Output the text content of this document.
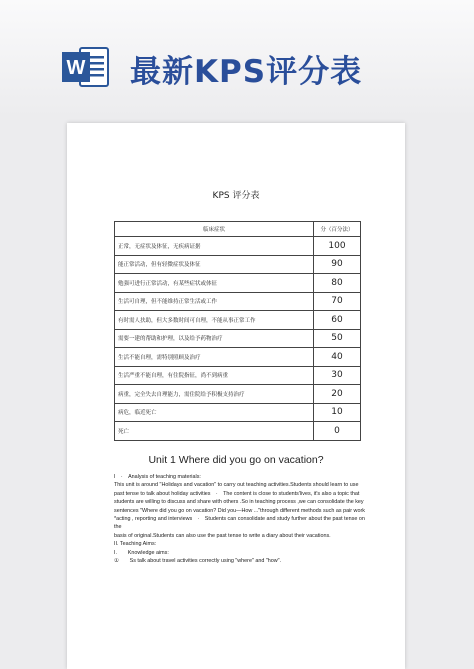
W 最新KPS评分表
KPS 评分表
临床症状	分（百分法）
正常，无症状及体征，无疾病证据	100
能正常活动，但有轻微症状及体征	90
勉强可进行正常活动，有某些症状或体征	80
生活可自理，但不能维持正常生活或工作	70
有时需人扶助，但大多数时间可自理，不能从事正常工作	60
需要一建的帮助和护理，以及给予药物治疗	50
生活不能自理，需特别照顾及治疗	40
生活严重不能自理，有住院指征，尚不到病重	30
病重，完全失去自理能力，需住院给予积极支持治疗	20
病危，临近死亡	10
死亡	0
Unit 1 Where did you go on vacation?

I　·　Analysis of teaching materials:

This unit is around "Holidays and vacation" to carry out teaching activities.Students should learn to use

past tense to talk about holiday activities　·　The content is close to students'lives, it's also a topic that

students are willing to discuss and share with others .So in teaching process ,we can consolidate the key

sentences "Where did you go on vacation? Did you—How ..."through different methods such as pair work

*acting , reporting and interviews　·　Students can consolidate and study further about the past tense on the

basis of original.Students can also use the past tense to write a diary about their vacations.

II. Teaching Aims:

I.　　Knowledge aims:

①　　Ss talk about travel activities correctly using "where" and "how".
